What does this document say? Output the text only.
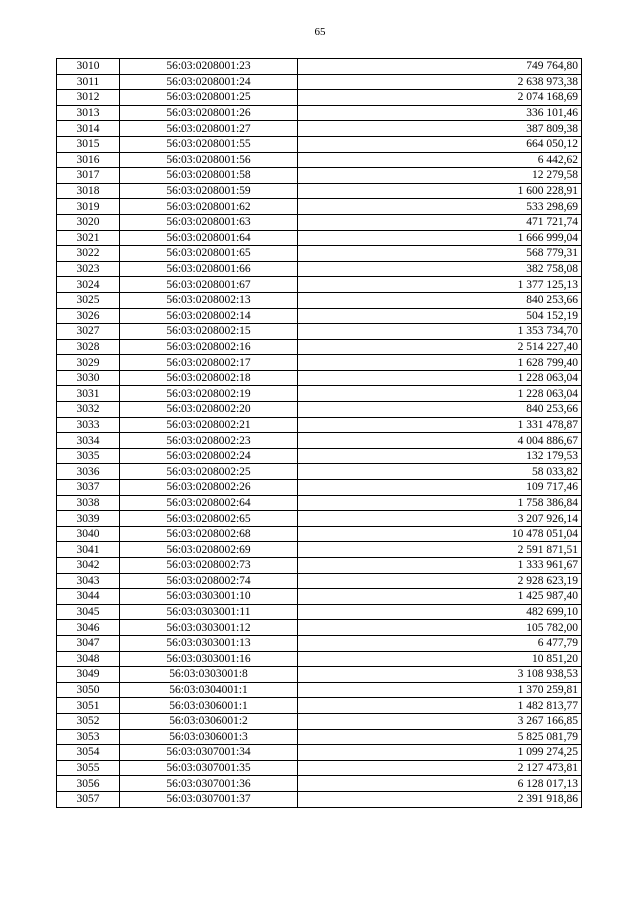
65
3010	56:03:0208001:23	749 764,80
3011	56:03:0208001:24	2 638 973,38
3012	56:03:0208001:25	2 074 168,69
3013	56:03:0208001:26	336 101,46
3014	56:03:0208001:27	387 809,38
3015	56:03:0208001:55	664 050,12
3016	56:03:0208001:56	6 442,62
3017	56:03:0208001:58	12 279,58
3018	56:03:0208001:59	1 600 228,91
3019	56:03:0208001:62	533 298,69
3020	56:03:0208001:63	471 721,74
3021	56:03:0208001:64	1 666 999,04
3022	56:03:0208001:65	568 779,31
3023	56:03:0208001:66	382 758,08
3024	56:03:0208001:67	1 377 125,13
3025	56:03:0208002:13	840 253,66
3026	56:03:0208002:14	504 152,19
3027	56:03:0208002:15	1 353 734,70
3028	56:03:0208002:16	2 514 227,40
3029	56:03:0208002:17	1 628 799,40
3030	56:03:0208002:18	1 228 063,04
3031	56:03:0208002:19	1 228 063,04
3032	56:03:0208002:20	840 253,66
3033	56:03:0208002:21	1 331 478,87
3034	56:03:0208002:23	4 004 886,67
3035	56:03:0208002:24	132 179,53
3036	56:03:0208002:25	58 033,82
3037	56:03:0208002:26	109 717,46
3038	56:03:0208002:64	1 758 386,84
3039	56:03:0208002:65	3 207 926,14
3040	56:03:0208002:68	10 478 051,04
3041	56:03:0208002:69	2 591 871,51
3042	56:03:0208002:73	1 333 961,67
3043	56:03:0208002:74	2 928 623,19
3044	56:03:0303001:10	1 425 987,40
3045	56:03:0303001:11	482 699,10
3046	56:03:0303001:12	105 782,00
3047	56:03:0303001:13	6 477,79
3048	56:03:0303001:16	10 851,20
3049	56:03:0303001:8	3 108 938,53
3050	56:03:0304001:1	1 370 259,81
3051	56:03:0306001:1	1 482 813,77
3052	56:03:0306001:2	3 267 166,85
3053	56:03:0306001:3	5 825 081,79
3054	56:03:0307001:34	1 099 274,25
3055	56:03:0307001:35	2 127 473,81
3056	56:03:0307001:36	6 128 017,13
3057	56:03:0307001:37	2 391 918,86
